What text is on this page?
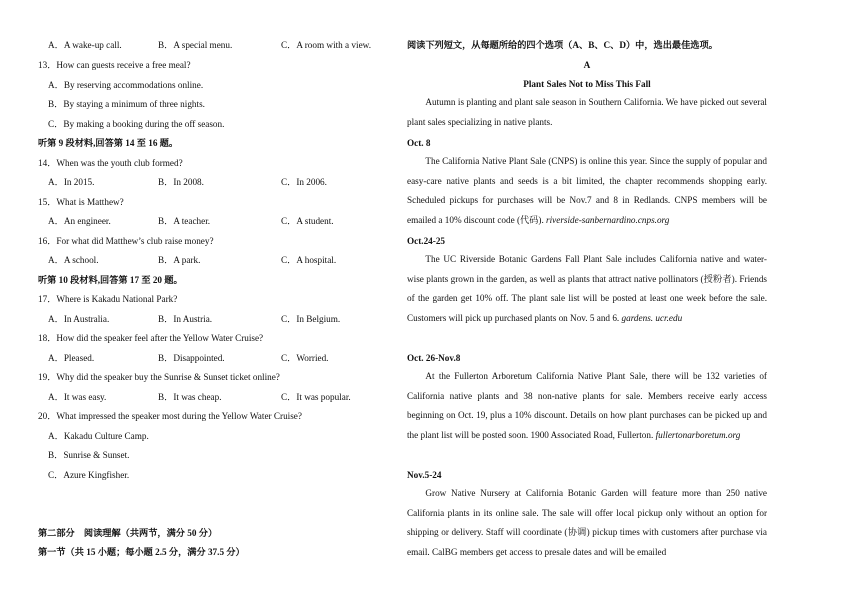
A．A wake-up call.	B．A special menu.	C．A room with a view.
13．How can guests receive a free meal?
A．By reserving accommodations online.
B．By staying a minimum of three nights.
C．By making a booking during the off season.
听第 9 段材料,回答第 14 至 16 题。
14．When was the youth club formed?
A．In 2015.	B．In 2008.	C．In 2006.
15．What is Matthew?
A．An engineer.	B．A teacher.	C．A student.
16．For what did Matthew’s club raise money?
A．A school.	B．A park.	C．A hospital.
听第 10 段材料,回答第 17 至 20 题。
17．Where is Kakadu National Park?
A．In Australia.	B．In Austria.	C．In Belgium.
18．How did the speaker feel after the Yellow Water Cruise?
A．Pleased.	B．Disappointed.	C．Worried.
19．Why did the speaker buy the Sunrise & Sunset ticket online?
A．It was easy.	B．It was cheap.	C．It was popular.
20．What impressed the speaker most during the Yellow Water Cruise?
A．Kakadu Culture Camp.
B．Sunrise & Sunset.
C．Azure Kingfisher.
第二部分　阅读理解（共两节，满分 50 分）
第一节（共 15 小题；每小题 2.5 分，满分 37.5 分）
阅读下列短文，从每题所给的四个选项（A、B、C、D）中，选出最佳选项。
A
Plant Sales Not to Miss This Fall
Autumn is planting and plant sale season in Southern California. We have picked out several plant sales specializing in native plants.
Oct. 8
The California Native Plant Sale (CNPS) is online this year. Since the supply of popular and easy-care native plants and seeds is a bit limited, the chapter recommends shopping early. Scheduled pickups for purchases will be Nov.7 and 8 in Redlands. CNPS members will be emailed a 10% discount code (代码). riverside-sanbernardino.cnps.org
Oct.24-25
The UC Riverside Botanic Gardens Fall Plant Sale includes California native and water-wise plants grown in the garden, as well as plants that attract native pollinators (授粉者). Friends of the garden get 10% off. The plant sale list will be posted at least one week before the sale. Customers will pick up purchased plants on Nov. 5 and 6. gardens. ucr.edu
Oct. 26-Nov.8
At the Fullerton Arboretum California Native Plant Sale, there will be 132 varieties of California native plants and 38 non-native plants for sale. Members receive early access beginning on Oct. 19, plus a 10% discount. Details on how plant purchases can be picked up and the plant list will be posted soon. 1900 Associated Road, Fullerton. fullertonarboretum.org
Nov.5-24
Grow Native Nursery at California Botanic Garden will feature more than 250 native California plants in its online sale. The sale will offer local pickup only without an option for shipping or delivery. Staff will coordinate (协调) pickup times with customers after purchase via email. CalBG members get access to presale dates and will be emailed
